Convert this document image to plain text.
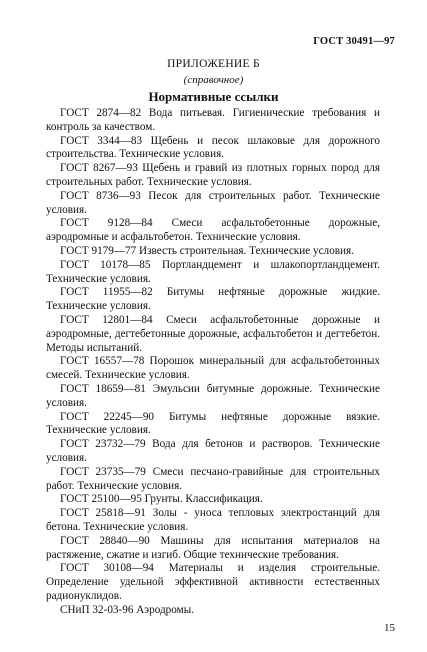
ГОСТ 30491—97
ПРИЛОЖЕНИЕ Б
(справочное)
Нормативные ссылки

ГОСТ 2874—82 Вода питьевая. Гигиенические требования и контроль за качеством.

ГОСТ 3344—83 Щебень и песок шлаковые для дорожного строительства. Технические условия.

ГОСТ 8267—93 Щебень и гравий из плотных горных пород для строительных работ. Технические условия.

ГОСТ 8736—93 Песок для строительных работ. Технические условия.

ГОСТ 9128—84 Смеси асфальтобетонные дорожные, аэродромные и асфальтобетон. Технические условия.

ГОСТ 9179—77 Известь строительная. Технические условия.

ГОСТ 10178—85 Портландцемент и шлакопортландцемент. Технические условия.

ГОСТ 11955—82 Битумы нефтяные дорожные жидкие. Технические условия.

ГОСТ 12801—84 Смеси асфальтобетонные дорожные и аэродромные, дегтебетонные дорожные, асфальтобетон и дегтебетон. Методы испытаний.

ГОСТ 16557—78 Порошок минеральный для асфальтобетонных смесей. Технические условия.

ГОСТ 18659—81 Эмульсии битумные дорожные. Технические условия.

ГОСТ 22245—90 Битумы нефтяные дорожные вязкие. Технические условия.

ГОСТ 23732—79 Вода для бетонов и растворов. Технические условия.

ГОСТ 23735—79 Смеси песчано-гравийные для строительных работ. Технические условия.

ГОСТ 25100—95 Грунты. Классификация.

ГОСТ 25818—91 Золы - уноса тепловых электростанций для бетона. Технические условия.

ГОСТ 28840—90 Машины для испытания материалов на растяжение, сжатие и изгиб. Общие технические требования.

ГОСТ 30108—94 Материалы и изделия строительные. Определение удельной эффективной активности естественных радионуклидов.

СНиП 32-03-96 Аэродромы.

15
